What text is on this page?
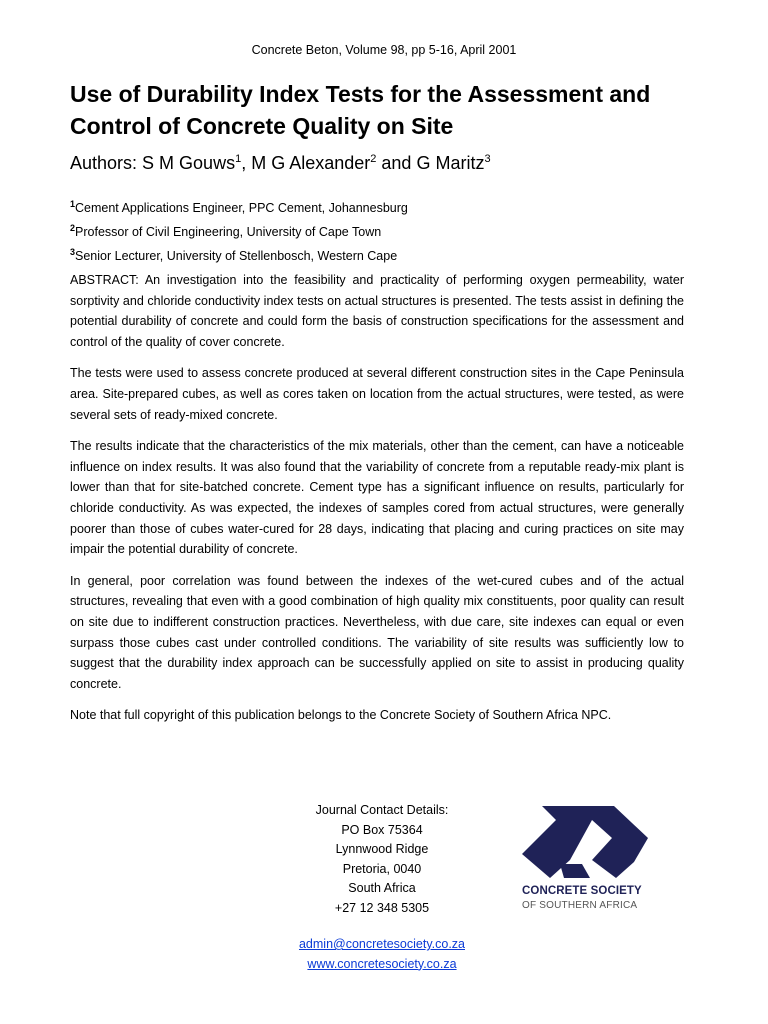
Concrete Beton, Volume 98, pp 5-16, April 2001
Use of Durability Index Tests for the Assessment and Control of Concrete Quality on Site
Authors: S M Gouws$^1$, M G Alexander$^2$ and G Maritz$^3$
$^1$Cement Applications Engineer, PPC Cement, Johannesburg
$^2$Professor of Civil Engineering, University of Cape Town
$^3$Senior Lecturer, University of Stellenbosch, Western Cape

ABSTRACT: An investigation into the feasibility and practicality of performing oxygen permeability, water sorptivity and chloride conductivity index tests on actual structures is presented. The tests assist in defining the potential durability of concrete and could form the basis of construction specifications for the assessment and control of the quality of cover concrete.

The tests were used to assess concrete produced at several different construction sites in the Cape Peninsula area. Site-prepared cubes, as well as cores taken on location from the actual structures, were tested, as were several sets of ready-mixed concrete.

The results indicate that the characteristics of the mix materials, other than the cement, can have a noticeable influence on index results. It was also found that the variability of concrete from a reputable ready-mix plant is lower than that for site-batched concrete. Cement type has a significant influence on results, particularly for chloride conductivity. As was expected, the indexes of samples cored from actual structures, were generally poorer than those of cubes water-cured for 28 days, indicating that placing and curing practices on site may impair the potential durability of concrete.

In general, poor correlation was found between the indexes of the wet-cured cubes and of the actual structures, revealing that even with a good combination of high quality mix constituents, poor quality can result on site due to indifferent construction practices. Nevertheless, with due care, site indexes can equal or even surpass those cubes cast under controlled conditions. The variability of site results was sufficiently low to suggest that the durability index approach can be successfully applied on site to assist in producing quality concrete.

Note that full copyright of this publication belongs to the Concrete Society of Southern Africa NPC.

Journal Contact Details:
PO Box 75364
Lynnwood Ridge
Pretoria, 0040
South Africa
+27 12 348 5305
admin@concretesociety.co.za
www.concretesociety.co.za
CONCRETE SOCIETY
OF SOUTHERN AFRICA
